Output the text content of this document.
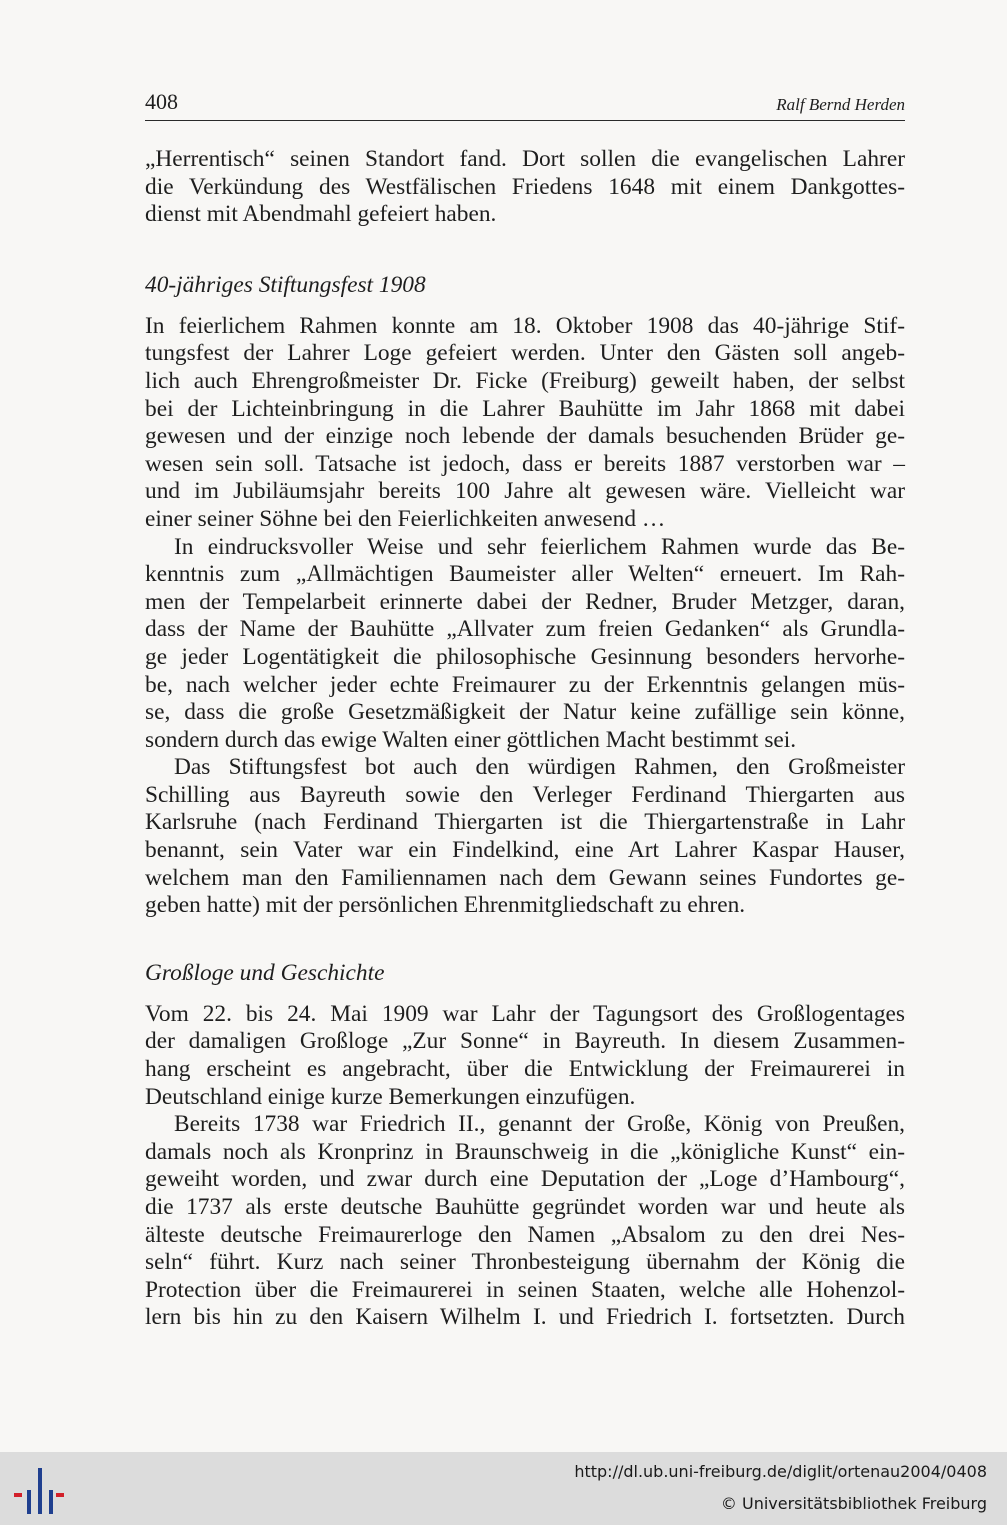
408	Ralf Bernd Herden
„Herrentisch“ seinen Standort fand. Dort sollen die evangelischen Lahrer
die Verkündung des Westfälischen Friedens 1648 mit einem Dankgottes-
dienst mit Abendmahl gefeiert haben.
40-jähriges Stiftungsfest 1908
In feierlichem Rahmen konnte am 18. Oktober 1908 das 40-jährige Stif-
tungsfest der Lahrer Loge gefeiert werden. Unter den Gästen soll angeb-
lich auch Ehrengroßmeister Dr. Ficke (Freiburg) geweilt haben, der selbst
bei der Lichteinbringung in die Lahrer Bauhütte im Jahr 1868 mit dabei
gewesen und der einzige noch lebende der damals besuchenden Brüder ge-
wesen sein soll. Tatsache ist jedoch, dass er bereits 1887 verstorben war –
und im Jubiläumsjahr bereits 100 Jahre alt gewesen wäre. Vielleicht war
einer seiner Söhne bei den Feierlichkeiten anwesend …
In eindrucksvoller Weise und sehr feierlichem Rahmen wurde das Be-
kenntnis zum „Allmächtigen Baumeister aller Welten“ erneuert. Im Rah-
men der Tempelarbeit erinnerte dabei der Redner, Bruder Metzger, daran,
dass der Name der Bauhütte „Allvater zum freien Gedanken“ als Grundla-
ge jeder Logentätigkeit die philosophische Gesinnung besonders hervorhe-
be, nach welcher jeder echte Freimaurer zu der Erkenntnis gelangen müs-
se, dass die große Gesetzmäßigkeit der Natur keine zufällige sein könne,
sondern durch das ewige Walten einer göttlichen Macht bestimmt sei.
Das Stiftungsfest bot auch den würdigen Rahmen, den Großmeister
Schilling aus Bayreuth sowie den Verleger Ferdinand Thiergarten aus
Karlsruhe (nach Ferdinand Thiergarten ist die Thiergartenstraße in Lahr
benannt, sein Vater war ein Findelkind, eine Art Lahrer Kaspar Hauser,
welchem man den Familiennamen nach dem Gewann seines Fundortes ge-
geben hatte) mit der persönlichen Ehrenmitgliedschaft zu ehren.
Großloge und Geschichte
Vom 22. bis 24. Mai 1909 war Lahr der Tagungsort des Großlogentages
der damaligen Großloge „Zur Sonne“ in Bayreuth. In diesem Zusammen-
hang erscheint es angebracht, über die Entwicklung der Freimaurerei in
Deutschland einige kurze Bemerkungen einzufügen.
Bereits 1738 war Friedrich II., genannt der Große, König von Preußen,
damals noch als Kronprinz in Braunschweig in die „königliche Kunst“ ein-
geweiht worden, und zwar durch eine Deputation der „Loge d’Hambourg“,
die 1737 als erste deutsche Bauhütte gegründet worden war und heute als
älteste deutsche Freimaurerloge den Namen „Absalom zu den drei Nes-
seln“ führt. Kurz nach seiner Thronbesteigung übernahm der König die
Protection über die Freimaurerei in seinen Staaten, welche alle Hohenzol-
lern bis hin zu den Kaisern Wilhelm I. und Friedrich I. fortsetzten. Durch
http://dl.ub.uni-freiburg.de/diglit/ortenau2004/0408
© Universitätsbibliothek Freiburg
